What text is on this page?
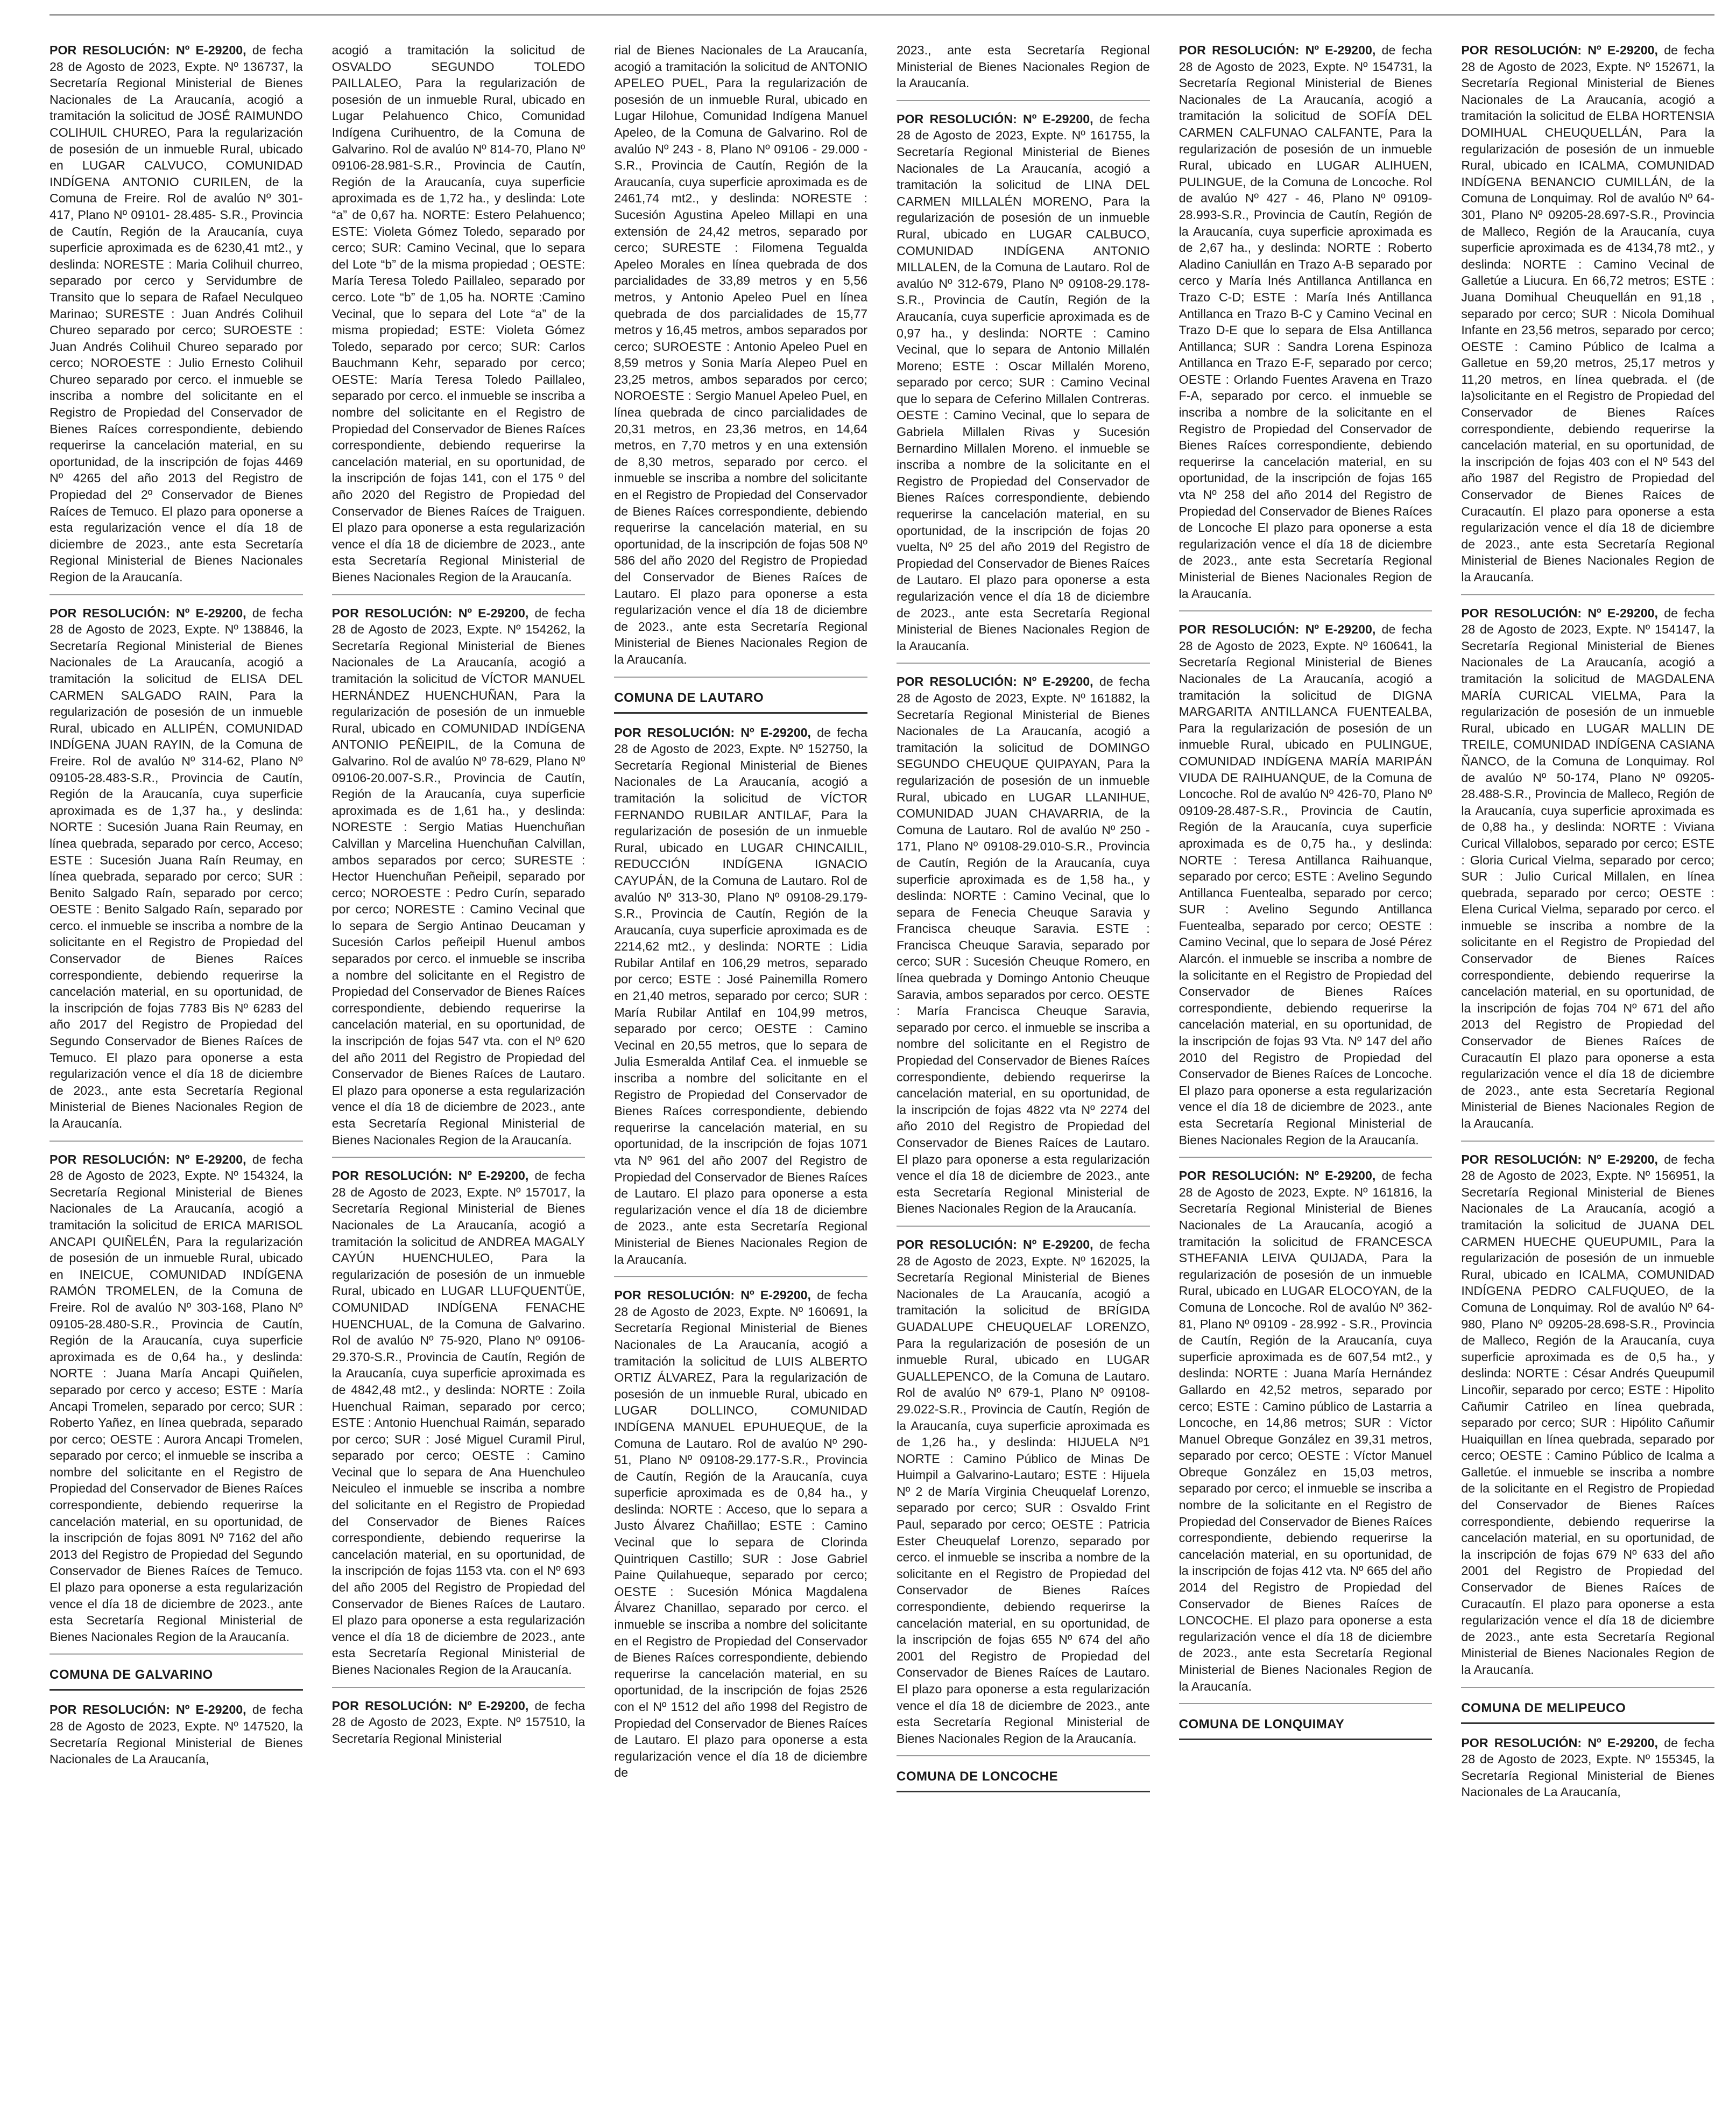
POR RESOLUCIÓN: Nº E-29200, de fecha 28 de Agosto de 2023, Expte. Nº 136737, la Secretaría Regional Ministerial de Bienes Nacionales de La Araucanía, acogió a tramitación la solicitud de JOSÉ RAIMUNDO COLIHUIL CHUREO, Para la regularización de posesión de un inmueble Rural, ubicado en LUGAR CALVUCO, COMUNIDAD INDÍGENA ANTONIO CURILEN, de la Comuna de Freire. Rol de avalúo Nº 301-417, Plano Nº 09101- 28.485- S.R., Provincia de Cautín, Región de la Araucanía, cuya superficie aproximada es de 6230,41 mt2., y deslinda: NORESTE : Maria Colihuil churreo, separado por cerco y Servidumbre de Transito que lo separa de Rafael Neculqueo Marinao; SURESTE : Juan Andrés Colihuil Chureo separado por cerco; SUROESTE : Juan Andrés Colihuil Chureo separado por cerco; NOROESTE : Julio Ernesto Colihuil Chureo separado por cerco. el inmueble se inscriba a nombre del solicitante en el Registro de Propiedad del Conservador de Bienes Raíces correspondiente, debiendo requerirse la cancelación material, en su oportunidad, de la inscripción de fojas 4469 Nº 4265 del año 2013 del Registro de Propiedad del 2º Conservador de Bienes Raíces de Temuco. El plazo para oponerse a esta regularización vence el día 18 de diciembre de 2023., ante esta Secretaría Regional Ministerial de Bienes Nacionales Region de la Araucanía.

POR RESOLUCIÓN: Nº E-29200, de fecha 28 de Agosto de 2023, Expte. Nº 138846, la Secretaría Regional Ministerial de Bienes Nacionales de La Araucanía, acogió a tramitación la solicitud de ELISA DEL CARMEN SALGADO RAIN, Para la regularización de posesión de un inmueble Rural, ubicado en ALLIPÉN, COMUNIDAD INDÍGENA JUAN RAYIN, de la Comuna de Freire. Rol de avalúo Nº 314-62, Plano Nº 09105-28.483-S.R., Provincia de Cautín, Región de la Araucanía, cuya superficie aproximada es de 1,37 ha., y deslinda: NORTE : Sucesión Juana Rain Reumay, en línea quebrada, separado por cerco, Acceso; ESTE : Sucesión Juana Raín Reumay, en línea quebrada, separado por cerco; SUR : Benito Salgado Raín, separado por cerco; OESTE : Benito Salgado Raín, separado por cerco. el inmueble se inscriba a nombre de la solicitante en el Registro de Propiedad del Conservador de Bienes Raíces correspondiente, debiendo requerirse la cancelación material, en su oportunidad, de la inscripción de fojas 7783 Bis Nº 6283 del año 2017 del Registro de Propiedad del Segundo Conservador de Bienes Raíces de Temuco. El plazo para oponerse a esta regularización vence el día 18 de diciembre de 2023., ante esta Secretaría Regional Ministerial de Bienes Nacionales Region de la Araucanía.

POR RESOLUCIÓN: Nº E-29200, de fecha 28 de Agosto de 2023, Expte. Nº 154324, la Secretaría Regional Ministerial de Bienes Nacionales de La Araucanía, acogió a tramitación la solicitud de ERICA MARISOL ANCAPI QUIÑELÉN, Para la regularización de posesión de un inmueble Rural, ubicado en INEICUE, COMUNIDAD INDÍGENA RAMÓN TROMELEN, de la Comuna de Freire. Rol de avalúo Nº 303-168, Plano Nº 09105-28.480-S.R., Provincia de Cautín, Región de la Araucanía, cuya superficie aproximada es de 0,64 ha., y deslinda: NORTE : Juana María Ancapi Quiñelen, separado por cerco y acceso; ESTE : María Ancapi Tromelen, separado por cerco; SUR : Roberto Yañez, en línea quebrada, separado por cerco; OESTE : Aurora Ancapi Tromelen, separado por cerco; el inmueble se inscriba a nombre del solicitante en el Registro de Propiedad del Conservador de Bienes Raíces correspondiente, debiendo requerirse la cancelación material, en su oportunidad, de la inscripción de fojas 8091 Nº 7162 del año 2013 del Registro de Propiedad del Segundo Conservador de Bienes Raíces de Temuco. El plazo para oponerse a esta regularización vence el día 18 de diciembre de 2023., ante esta Secretaría Regional Ministerial de Bienes Nacionales Region de la Araucanía.

COMUNA DE GALVARINO

POR RESOLUCIÓN: Nº E-29200, de fecha 28 de Agosto de 2023, Expte. Nº 147520, la Secretaría Regional Ministerial de Bienes Nacionales de La Araucanía,

acogió a tramitación la solicitud de OSVALDO SEGUNDO TOLEDO PAILLALEO, Para la regularización de posesión de un inmueble Rural, ubicado en Lugar Pelahuenco Chico, Comunidad Indígena Curihuentro, de la Comuna de Galvarino. Rol de avalúo Nº 814-70, Plano Nº 09106-28.981-S.R., Provincia de Cautín, Región de la Araucanía, cuya superficie aproximada es de 1,72 ha., y deslinda: Lote “a” de 0,67 ha. NORTE: Estero Pelahuenco; ESTE: Violeta Gómez Toledo, separado por cerco; SUR: Camino Vecinal, que lo separa del Lote “b” de la misma propiedad ; OESTE: María Teresa Toledo Paillaleo, separado por cerco. Lote “b” de 1,05 ha. NORTE :Camino Vecinal, que lo separa del Lote “a” de la misma propiedad; ESTE: Violeta Gómez Toledo, separado por cerco; SUR: Carlos Bauchmann Kehr, separado por cerco; OESTE: María Teresa Toledo Paillaleo, separado por cerco. el inmueble se inscriba a nombre del solicitante en el Registro de Propiedad del Conservador de Bienes Raíces correspondiente, debiendo requerirse la cancelación material, en su oportunidad, de la inscripción de fojas 141, con el 175 º del año 2020 del Registro de Propiedad del Conservador de Bienes Raíces de Traiguen. El plazo para oponerse a esta regularización vence el día 18 de diciembre de 2023., ante esta Secretaría Regional Ministerial de Bienes Nacionales Region de la Araucanía.

POR RESOLUCIÓN: Nº E-29200, de fecha 28 de Agosto de 2023, Expte. Nº 154262, la Secretaría Regional Ministerial de Bienes Nacionales de La Araucanía, acogió a tramitación la solicitud de VÍCTOR MANUEL HERNÁNDEZ HUENCHUÑAN, Para la regularización de posesión de un inmueble Rural, ubicado en COMUNIDAD INDÍGENA ANTONIO PEÑEIPIL, de la Comuna de Galvarino. Rol de avalúo Nº 78-629, Plano Nº 09106-20.007-S.R., Provincia de Cautín, Región de la Araucanía, cuya superficie aproximada es de 1,61 ha., y deslinda: NORESTE : Sergio Matias Huenchuñan Calvillan y Marcelina Huenchuñan Calvillan, ambos separados por cerco; SURESTE : Hector Huenchuñan Peñeipil, separado por cerco; NOROESTE : Pedro Curín, separado por cerco; NORESTE : Camino Vecinal que lo separa de Sergio Antinao Deucaman y Sucesión Carlos peñeipil Huenul ambos separados por cerco. el inmueble se inscriba a nombre del solicitante en el Registro de Propiedad del Conservador de Bienes Raíces correspondiente, debiendo requerirse la cancelación material, en su oportunidad, de la inscripción de fojas 547 vta. con el Nº 620 del año 2011 del Registro de Propiedad del Conservador de Bienes Raíces de Lautaro. El plazo para oponerse a esta regularización vence el día 18 de diciembre de 2023., ante esta Secretaría Regional Ministerial de Bienes Nacionales Region de la Araucanía.

POR RESOLUCIÓN: Nº E-29200, de fecha 28 de Agosto de 2023, Expte. Nº 157017, la Secretaría Regional Ministerial de Bienes Nacionales de La Araucanía, acogió a tramitación la solicitud de ANDREA MAGALY CAYÚN HUENCHULEO, Para la regularización de posesión de un inmueble Rural, ubicado en LUGAR LLUFQUENTÜE, COMUNIDAD INDÍGENA FENACHE HUENCHUAL, de la Comuna de Galvarino. Rol de avalúo Nº 75-920, Plano Nº 09106-29.370-S.R., Provincia de Cautín, Región de la Araucanía, cuya superficie aproximada es de 4842,48 mt2., y deslinda: NORTE : Zoila Huenchual Raiman, separado por cerco; ESTE : Antonio Huenchual Raimán, separado por cerco; SUR : José Miguel Curamil Pirul, separado por cerco; OESTE : Camino Vecinal que lo separa de Ana Huenchuleo Neiculeo el inmueble se inscriba a nombre del solicitante en el Registro de Propiedad del Conservador de Bienes Raíces correspondiente, debiendo requerirse la cancelación material, en su oportunidad, de la inscripción de fojas 1153 vta. con el Nº 693 del año 2005 del Registro de Propiedad del Conservador de Bienes Raíces de Lautaro. El plazo para oponerse a esta regularización vence el día 18 de diciembre de 2023., ante esta Secretaría Regional Ministerial de Bienes Nacionales Region de la Araucanía.

POR RESOLUCIÓN: Nº E-29200, de fecha 28 de Agosto de 2023, Expte. Nº 157510, la Secretaría Regional Ministerial

rial de Bienes Nacionales de La Araucanía, acogió a tramitación la solicitud de ANTONIO APELEO PUEL, Para la regularización de posesión de un inmueble Rural, ubicado en Lugar Hilohue, Comunidad Indígena Manuel Apeleo, de la Comuna de Galvarino. Rol de avalúo Nº 243 - 8, Plano Nº 09106 - 29.000 - S.R., Provincia de Cautín, Región de la Araucanía, cuya superficie aproximada es de 2461,74 mt2., y deslinda: NORESTE : Sucesión Agustina Apeleo Millapi en una extensión de 24,42 metros, separado por cerco; SURESTE : Filomena Tegualda Apeleo Morales en línea quebrada de dos parcialidades de 33,89 metros y en 5,56 metros, y Antonio Apeleo Puel en línea quebrada de dos parcialidades de 15,77 metros y 16,45 metros, ambos separados por cerco; SUROESTE : Antonio Apeleo Puel en 8,59 metros y Sonia María Alepeo Puel en 23,25 metros, ambos separados por cerco; NOROESTE : Sergio Manuel Apeleo Puel, en línea quebrada de cinco parcialidades de 20,31 metros, en 23,36 metros, en 14,64 metros, en 7,70 metros y en una extensión de 8,30 metros, separado por cerco. el inmueble se inscriba a nombre del solicitante en el Registro de Propiedad del Conservador de Bienes Raíces correspondiente, debiendo requerirse la cancelación material, en su oportunidad, de la inscripción de fojas 508 Nº 586 del año 2020 del Registro de Propiedad del Conservador de Bienes Raíces de Lautaro. El plazo para oponerse a esta regularización vence el día 18 de diciembre de 2023., ante esta Secretaría Regional Ministerial de Bienes Nacionales Region de la Araucanía.

COMUNA DE LAUTARO

POR RESOLUCIÓN: Nº E-29200, de fecha 28 de Agosto de 2023, Expte. Nº 152750, la Secretaría Regional Ministerial de Bienes Nacionales de La Araucanía, acogió a tramitación la solicitud de VÍCTOR FERNANDO RUBILAR ANTILAF, Para la regularización de posesión de un inmueble Rural, ubicado en LUGAR CHINCAILIL, REDUCCIÓN INDÍGENA IGNACIO CAYUPÁN, de la Comuna de Lautaro. Rol de avalúo Nº 313-30, Plano Nº 09108-29.179-S.R., Provincia de Cautín, Región de la Araucanía, cuya superficie aproximada es de 2214,62 mt2., y deslinda: NORTE : Lidia Rubilar Antilaf en 106,29 metros, separado por cerco; ESTE : José Painemilla Romero en 21,40 metros, separado por cerco; SUR : María Rubilar Antilaf en 104,99 metros, separado por cerco; OESTE : Camino Vecinal en 20,55 metros, que lo separa de Julia Esmeralda Antilaf Cea. el inmueble se inscriba a nombre del solicitante en el Registro de Propiedad del Conservador de Bienes Raíces correspondiente, debiendo requerirse la cancelación material, en su oportunidad, de la inscripción de fojas 1071 vta Nº 961 del año 2007 del Registro de Propiedad del Conservador de Bienes Raíces de Lautaro. El plazo para oponerse a esta regularización vence el día 18 de diciembre de 2023., ante esta Secretaría Regional Ministerial de Bienes Nacionales Region de la Araucanía.

POR RESOLUCIÓN: Nº E-29200, de fecha 28 de Agosto de 2023, Expte. Nº 160691, la Secretaría Regional Ministerial de Bienes Nacionales de La Araucanía, acogió a tramitación la solicitud de LUIS ALBERTO ORTIZ ÁLVAREZ, Para la regularización de posesión de un inmueble Rural, ubicado en LUGAR DOLLINCO, COMUNIDAD INDÍGENA MANUEL EPUHUEQUE, de la Comuna de Lautaro. Rol de avalúo Nº 290-51, Plano Nº 09108-29.177-S.R., Provincia de Cautín, Región de la Araucanía, cuya superficie aproximada es de 0,84 ha., y deslinda: NORTE : Acceso, que lo separa a Justo Álvarez Chañillao; ESTE : Camino Vecinal que lo separa de Clorinda Quintriquen Castillo; SUR : Jose Gabriel Paine Quilahueque, separado por cerco; OESTE : Sucesión Mónica Magdalena Álvarez Chanillao, separado por cerco. el inmueble se inscriba a nombre del solicitante en el Registro de Propiedad del Conservador de Bienes Raíces correspondiente, debiendo requerirse la cancelación material, en su oportunidad, de la inscripción de fojas 2526 con el Nº 1512 del año 1998 del Registro de Propiedad del Conservador de Bienes Raíces de Lautaro. El plazo para oponerse a esta regularización vence el día 18 de diciembre de

2023., ante esta Secretaría Regional Ministerial de Bienes Nacionales Region de la Araucanía.

POR RESOLUCIÓN: Nº E-29200, de fecha 28 de Agosto de 2023, Expte. Nº 161755, la Secretaría Regional Ministerial de Bienes Nacionales de La Araucanía, acogió a tramitación la solicitud de LINA DEL CARMEN MILLALÉN MORENO, Para la regularización de posesión de un inmueble Rural, ubicado en LUGAR CALBUCO, COMUNIDAD INDÍGENA ANTONIO MILLALEN, de la Comuna de Lautaro. Rol de avalúo Nº 312-679, Plano Nº 09108-29.178-S.R., Provincia de Cautín, Región de la Araucanía, cuya superficie aproximada es de 0,97 ha., y deslinda: NORTE : Camino Vecinal, que lo separa de Antonio Millalén Moreno; ESTE : Oscar Millalén Moreno, separado por cerco; SUR : Camino Vecinal que lo separa de Ceferino Millalen Contreras. OESTE : Camino Vecinal, que lo separa de Gabriela Millalen Rivas y Sucesión Bernardino Millalen Moreno. el inmueble se inscriba a nombre de la solicitante en el Registro de Propiedad del Conservador de Bienes Raíces correspondiente, debiendo requerirse la cancelación material, en su oportunidad, de la inscripción de fojas 20 vuelta, Nº 25 del año 2019 del Registro de Propiedad del Conservador de Bienes Raíces de Lautaro. El plazo para oponerse a esta regularización vence el día 18 de diciembre de 2023., ante esta Secretaría Regional Ministerial de Bienes Nacionales Region de la Araucanía.

POR RESOLUCIÓN: Nº E-29200, de fecha 28 de Agosto de 2023, Expte. Nº 161882, la Secretaría Regional Ministerial de Bienes Nacionales de La Araucanía, acogió a tramitación la solicitud de DOMINGO SEGUNDO CHEUQUE QUIPAYAN, Para la regularización de posesión de un inmueble Rural, ubicado en LUGAR LLANIHUE, COMUNIDAD JUAN CHAVARRIA, de la Comuna de Lautaro. Rol de avalúo Nº 250 - 171, Plano Nº 09108-29.010-S.R., Provincia de Cautín, Región de la Araucanía, cuya superficie aproximada es de 1,58 ha., y deslinda: NORTE : Camino Vecinal, que lo separa de Fenecia Cheuque Saravia y Francisca cheuque Saravia. ESTE : Francisca Cheuque Saravia, separado por cerco; SUR : Sucesión Cheuque Romero, en línea quebrada y Domingo Antonio Cheuque Saravia, ambos separados por cerco. OESTE : María Francisca Cheuque Saravia, separado por cerco. el inmueble se inscriba a nombre del solicitante en el Registro de Propiedad del Conservador de Bienes Raíces correspondiente, debiendo requerirse la cancelación material, en su oportunidad, de la inscripción de fojas 4822 vta Nº 2274 del año 2010 del Registro de Propiedad del Conservador de Bienes Raíces de Lautaro. El plazo para oponerse a esta regularización vence el día 18 de diciembre de 2023., ante esta Secretaría Regional Ministerial de Bienes Nacionales Region de la Araucanía.

POR RESOLUCIÓN: Nº E-29200, de fecha 28 de Agosto de 2023, Expte. Nº 162025, la Secretaría Regional Ministerial de Bienes Nacionales de La Araucanía, acogió a tramitación la solicitud de BRÍGIDA GUADALUPE CHEUQUELAF LORENZO, Para la regularización de posesión de un inmueble Rural, ubicado en LUGAR GUALLEPENCO, de la Comuna de Lautaro. Rol de avalúo Nº 679-1, Plano Nº 09108-29.022-S.R., Provincia de Cautín, Región de la Araucanía, cuya superficie aproximada es de 1,26 ha., y deslinda: HIJUELA Nº1 NORTE : Camino Público de Minas De Huimpil a Galvarino-Lautaro; ESTE : Hijuela Nº 2 de María Virginia Cheuquelaf Lorenzo, separado por cerco; SUR : Osvaldo Frint Paul, separado por cerco; OESTE : Patricia Ester Cheuquelaf Lorenzo, separado por cerco. el inmueble se inscriba a nombre de la solicitante en el Registro de Propiedad del Conservador de Bienes Raíces correspondiente, debiendo requerirse la cancelación material, en su oportunidad, de la inscripción de fojas 655 Nº 674 del año 2001 del Registro de Propiedad del Conservador de Bienes Raíces de Lautaro. El plazo para oponerse a esta regularización vence el día 18 de diciembre de 2023., ante esta Secretaría Regional Ministerial de Bienes Nacionales Region de la Araucanía.

COMUNA DE LONCOCHE

POR RESOLUCIÓN: Nº E-29200, de fecha 28 de Agosto de 2023, Expte. Nº 154731, la Secretaría Regional Ministerial de Bienes Nacionales de La Araucanía, acogió a tramitación la solicitud de SOFÍA DEL CARMEN CALFUNAO CALFANTE, Para la regularización de posesión de un inmueble Rural, ubicado en LUGAR ALIHUEN, PULINGUE, de la Comuna de Loncoche. Rol de avalúo Nº 427 - 46, Plano Nº 09109-28.993-S.R., Provincia de Cautín, Región de la Araucanía, cuya superficie aproximada es de 2,67 ha., y deslinda: NORTE : Roberto Aladino Caniullán en Trazo A-B separado por cerco y María Inés Antillanca Antillanca en Trazo C-D; ESTE : María Inés Antillanca Antillanca en Trazo B-C y Camino Vecinal en Trazo D-E que lo separa de Elsa Antillanca Antillanca; SUR : Sandra Lorena Espinoza Antillanca en Trazo E-F, separado por cerco; OESTE : Orlando Fuentes Aravena en Trazo F-A, separado por cerco. el inmueble se inscriba a nombre de la solicitante en el Registro de Propiedad del Conservador de Bienes Raíces correspondiente, debiendo requerirse la cancelación material, en su oportunidad, de la inscripción de fojas 165 vta Nº 258 del año 2014 del Registro de Propiedad del Conservador de Bienes Raíces de Loncoche El plazo para oponerse a esta regularización vence el día 18 de diciembre de 2023., ante esta Secretaría Regional Ministerial de Bienes Nacionales Region de la Araucanía.

POR RESOLUCIÓN: Nº E-29200, de fecha 28 de Agosto de 2023, Expte. Nº 160641, la Secretaría Regional Ministerial de Bienes Nacionales de La Araucanía, acogió a tramitación la solicitud de DIGNA MARGARITA ANTILLANCA FUENTEALBA, Para la regularización de posesión de un inmueble Rural, ubicado en PULINGUE, COMUNIDAD INDÍGENA MARÍA MARIPÁN VIUDA DE RAIHUANQUE, de la Comuna de Loncoche. Rol de avalúo Nº 426-70, Plano Nº 09109-28.487-S.R., Provincia de Cautín, Región de la Araucanía, cuya superficie aproximada es de 0,75 ha., y deslinda: NORTE : Teresa Antillanca Raihuanque, separado por cerco; ESTE : Avelino Segundo Antillanca Fuentealba, separado por cerco; SUR : Avelino Segundo Antillanca Fuentealba, separado por cerco; OESTE : Camino Vecinal, que lo separa de José Pérez Alarcón. el inmueble se inscriba a nombre de la solicitante en el Registro de Propiedad del Conservador de Bienes Raíces correspondiente, debiendo requerirse la cancelación material, en su oportunidad, de la inscripción de fojas 93 Vta. Nº 147 del año 2010 del Registro de Propiedad del Conservador de Bienes Raíces de Loncoche. El plazo para oponerse a esta regularización vence el día 18 de diciembre de 2023., ante esta Secretaría Regional Ministerial de Bienes Nacionales Region de la Araucanía.

POR RESOLUCIÓN: Nº E-29200, de fecha 28 de Agosto de 2023, Expte. Nº 161816, la Secretaría Regional Ministerial de Bienes Nacionales de La Araucanía, acogió a tramitación la solicitud de FRANCESCA STHEFANIA LEIVA QUIJADA, Para la regularización de posesión de un inmueble Rural, ubicado en LUGAR ELOCOYAN, de la Comuna de Loncoche. Rol de avalúo Nº 362-81, Plano Nº 09109 - 28.992 - S.R., Provincia de Cautín, Región de la Araucanía, cuya superficie aproximada es de 607,54 mt2., y deslinda: NORTE : Juana María Hernández Gallardo en 42,52 metros, separado por cerco; ESTE : Camino público de Lastarria a Loncoche, en 14,86 metros; SUR : Víctor Manuel Obreque González en 39,31 metros, separado por cerco; OESTE : Víctor Manuel Obreque González en 15,03 metros, separado por cerco; el inmueble se inscriba a nombre de la solicitante en el Registro de Propiedad del Conservador de Bienes Raíces correspondiente, debiendo requerirse la cancelación material, en su oportunidad, de la inscripción de fojas 412 vta. Nº 665 del año 2014 del Registro de Propiedad del Conservador de Bienes Raíces de LONCOCHE. El plazo para oponerse a esta regularización vence el día 18 de diciembre de 2023., ante esta Secretaría Regional Ministerial de Bienes Nacionales Region de la Araucanía.

COMUNA DE LONQUIMAY

POR RESOLUCIÓN: Nº E-29200, de fecha 28 de Agosto de 2023, Expte. Nº 152671, la Secretaría Regional Ministerial de Bienes Nacionales de La Araucanía, acogió a tramitación la solicitud de ELBA HORTENSIA DOMIHUAL CHEUQUELLÁN, Para la regularización de posesión de un inmueble Rural, ubicado en ICALMA, COMUNIDAD INDÍGENA BENANCIO CUMILLÁN, de la Comuna de Lonquimay. Rol de avalúo Nº 64-301, Plano Nº 09205-28.697-S.R., Provincia de Malleco, Región de la Araucanía, cuya superficie aproximada es de 4134,78 mt2., y deslinda: NORTE : Camino Vecinal de Galletúe a Liucura. En 66,72 metros; ESTE : Juana Domihual Cheuquellán en 91,18 , separado por cerco; SUR : Nicola Domihual Infante en 23,56 metros, separado por cerco; OESTE : Camino Público de Icalma a Galletue en 59,20 metros, 25,17 metros y 11,20 metros, en línea quebrada. el (de la)solicitante en el Registro de Propiedad del Conservador de Bienes Raíces correspondiente, debiendo requerirse la cancelación material, en su oportunidad, de la inscripción de fojas 403 con el Nº 543 del año 1987 del Registro de Propiedad del Conservador de Bienes Raíces de Curacautín. El plazo para oponerse a esta regularización vence el día 18 de diciembre de 2023., ante esta Secretaría Regional Ministerial de Bienes Nacionales Region de la Araucanía.

POR RESOLUCIÓN: Nº E-29200, de fecha 28 de Agosto de 2023, Expte. Nº 154147, la Secretaría Regional Ministerial de Bienes Nacionales de La Araucanía, acogió a tramitación la solicitud de MAGDALENA MARÍA CURICAL VIELMA, Para la regularización de posesión de un inmueble Rural, ubicado en LUGAR MALLIN DE TREILE, COMUNIDAD INDÍGENA CASIANA ÑANCO, de la Comuna de Lonquimay. Rol de avalúo Nº 50-174, Plano Nº 09205-28.488-S.R., Provincia de Malleco, Región de la Araucanía, cuya superficie aproximada es de 0,88 ha., y deslinda: NORTE : Viviana Curical Villalobos, separado por cerco; ESTE : Gloria Curical Vielma, separado por cerco; SUR : Julio Curical Millalen, en línea quebrada, separado por cerco; OESTE : Elena Curical Vielma, separado por cerco. el inmueble se inscriba a nombre de la solicitante en el Registro de Propiedad del Conservador de Bienes Raíces correspondiente, debiendo requerirse la cancelación material, en su oportunidad, de la inscripción de fojas 704 Nº 671 del año 2013 del Registro de Propiedad del Conservador de Bienes Raíces de Curacautín El plazo para oponerse a esta regularización vence el día 18 de diciembre de 2023., ante esta Secretaría Regional Ministerial de Bienes Nacionales Region de la Araucanía.

POR RESOLUCIÓN: Nº E-29200, de fecha 28 de Agosto de 2023, Expte. Nº 156951, la Secretaría Regional Ministerial de Bienes Nacionales de La Araucanía, acogió a tramitación la solicitud de JUANA DEL CARMEN HUECHE QUEUPUMIL, Para la regularización de posesión de un inmueble Rural, ubicado en ICALMA, COMUNIDAD INDÍGENA PEDRO CALFUQUEO, de la Comuna de Lonquimay. Rol de avalúo Nº 64-980, Plano Nº 09205-28.698-S.R., Provincia de Malleco, Región de la Araucanía, cuya superficie aproximada es de 0,5 ha., y deslinda: NORTE : César Andrés Queupumil Lincoñir, separado por cerco; ESTE : Hipolito Cañumir Catrileo en línea quebrada, separado por cerco; SUR : Hipólito Cañumir Huaiquillan en línea quebrada, separado por cerco; OESTE : Camino Público de Icalma a Galletúe. el inmueble se inscriba a nombre de la solicitante en el Registro de Propiedad del Conservador de Bienes Raíces correspondiente, debiendo requerirse la cancelación material, en su oportunidad, de la inscripción de fojas 679 Nº 633 del año 2001 del Registro de Propiedad del Conservador de Bienes Raíces de Curacautín. El plazo para oponerse a esta regularización vence el día 18 de diciembre de 2023., ante esta Secretaría Regional Ministerial de Bienes Nacionales Region de la Araucanía.

COMUNA DE MELIPEUCO

POR RESOLUCIÓN: Nº E-29200, de fecha 28 de Agosto de 2023, Expte. Nº 155345, la Secretaría Regional Ministerial de Bienes Nacionales de La Araucanía,
